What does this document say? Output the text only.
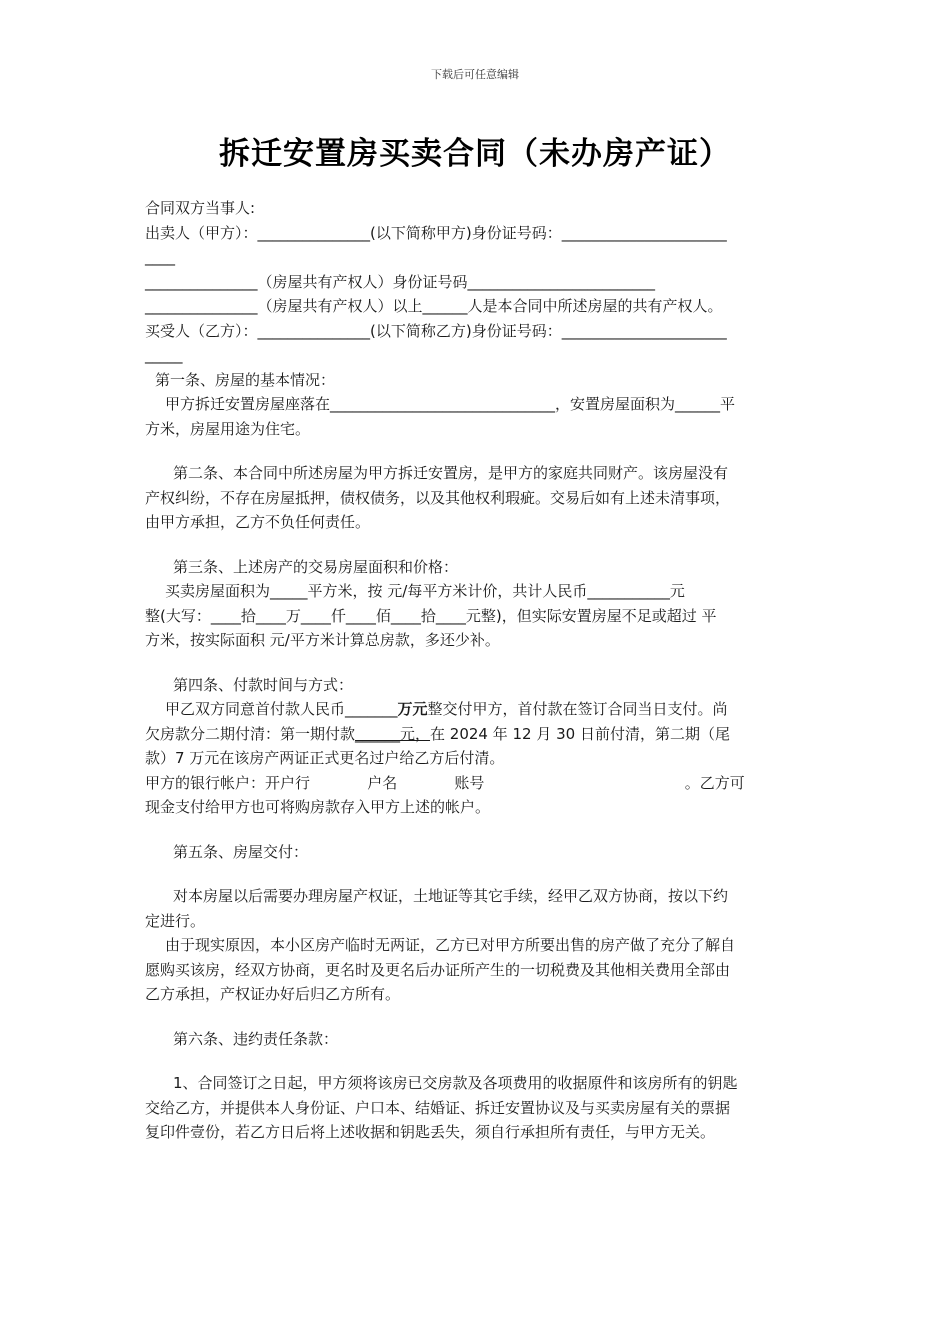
下载后可任意编辑
拆迁安置房买卖合同（未办房产证）
合同双方当事人:
出卖人（甲方）：_______________(以下简称甲方)身份证号码：______________________
____
_______________（房屋共有产权人）身份证号码_________________________
_______________（房屋共有产权人）以上______人是本合同中所述房屋的共有产权人。
买受人（乙方）：_______________(以下简称乙方)身份证号码：______________________
_____
第一条、房屋的基本情况：
甲方拆迁安置房屋座落在______________________________，安置房屋面积为______平
方米，房屋用途为住宅。
第二条、本合同中所述房屋为甲方拆迁安置房，是甲方的家庭共同财产。该房屋没有
产权纠纷，不存在房屋抵押，债权债务，以及其他权利瑕疵。交易后如有上述未清事项，
由甲方承担，乙方不负任何责任。
第三条、上述房产的交易房屋面积和价格：
买卖房屋面积为_____平方米，按 元/每平方米计价，共计人民币___________元
整(大写：____拾____万____仟____佰____拾____元整)，但实际安置房屋不足或超过 平
方米，按实际面积 元/平方米计算总房款，多还少补。
第四条、付款时间与方式：
甲乙双方同意首付款人民币_______万元整交付甲方，首付款在签订合同当日支付。尚
欠房款分二期付清：第一期付款______元，在 2024 年 12 月 30 日前付清，第二期（尾
款）7 万元在该房产两证正式更名过户给乙方后付清。
甲方的银行帐户：开户行            户名            账号                                          。乙方可
现金支付给甲方也可将购房款存入甲方上述的帐户。
第五条、房屋交付：
对本房屋以后需要办理房屋产权证，土地证等其它手续，经甲乙双方协商，按以下约
定进行。
由于现实原因，本小区房产临时无两证，乙方已对甲方所要出售的房产做了充分了解自
愿购买该房，经双方协商，更名时及更名后办证所产生的一切税费及其他相关费用全部由
乙方承担，产权证办好后归乙方所有。
第六条、违约责任条款：
1、合同签订之日起，甲方须将该房已交房款及各项费用的收据原件和该房所有的钥匙
交给乙方，并提供本人身份证、户口本、结婚证、拆迁安置协议及与买卖房屋有关的票据
复印件壹份，若乙方日后将上述收据和钥匙丢失，须自行承担所有责任，与甲方无关。
